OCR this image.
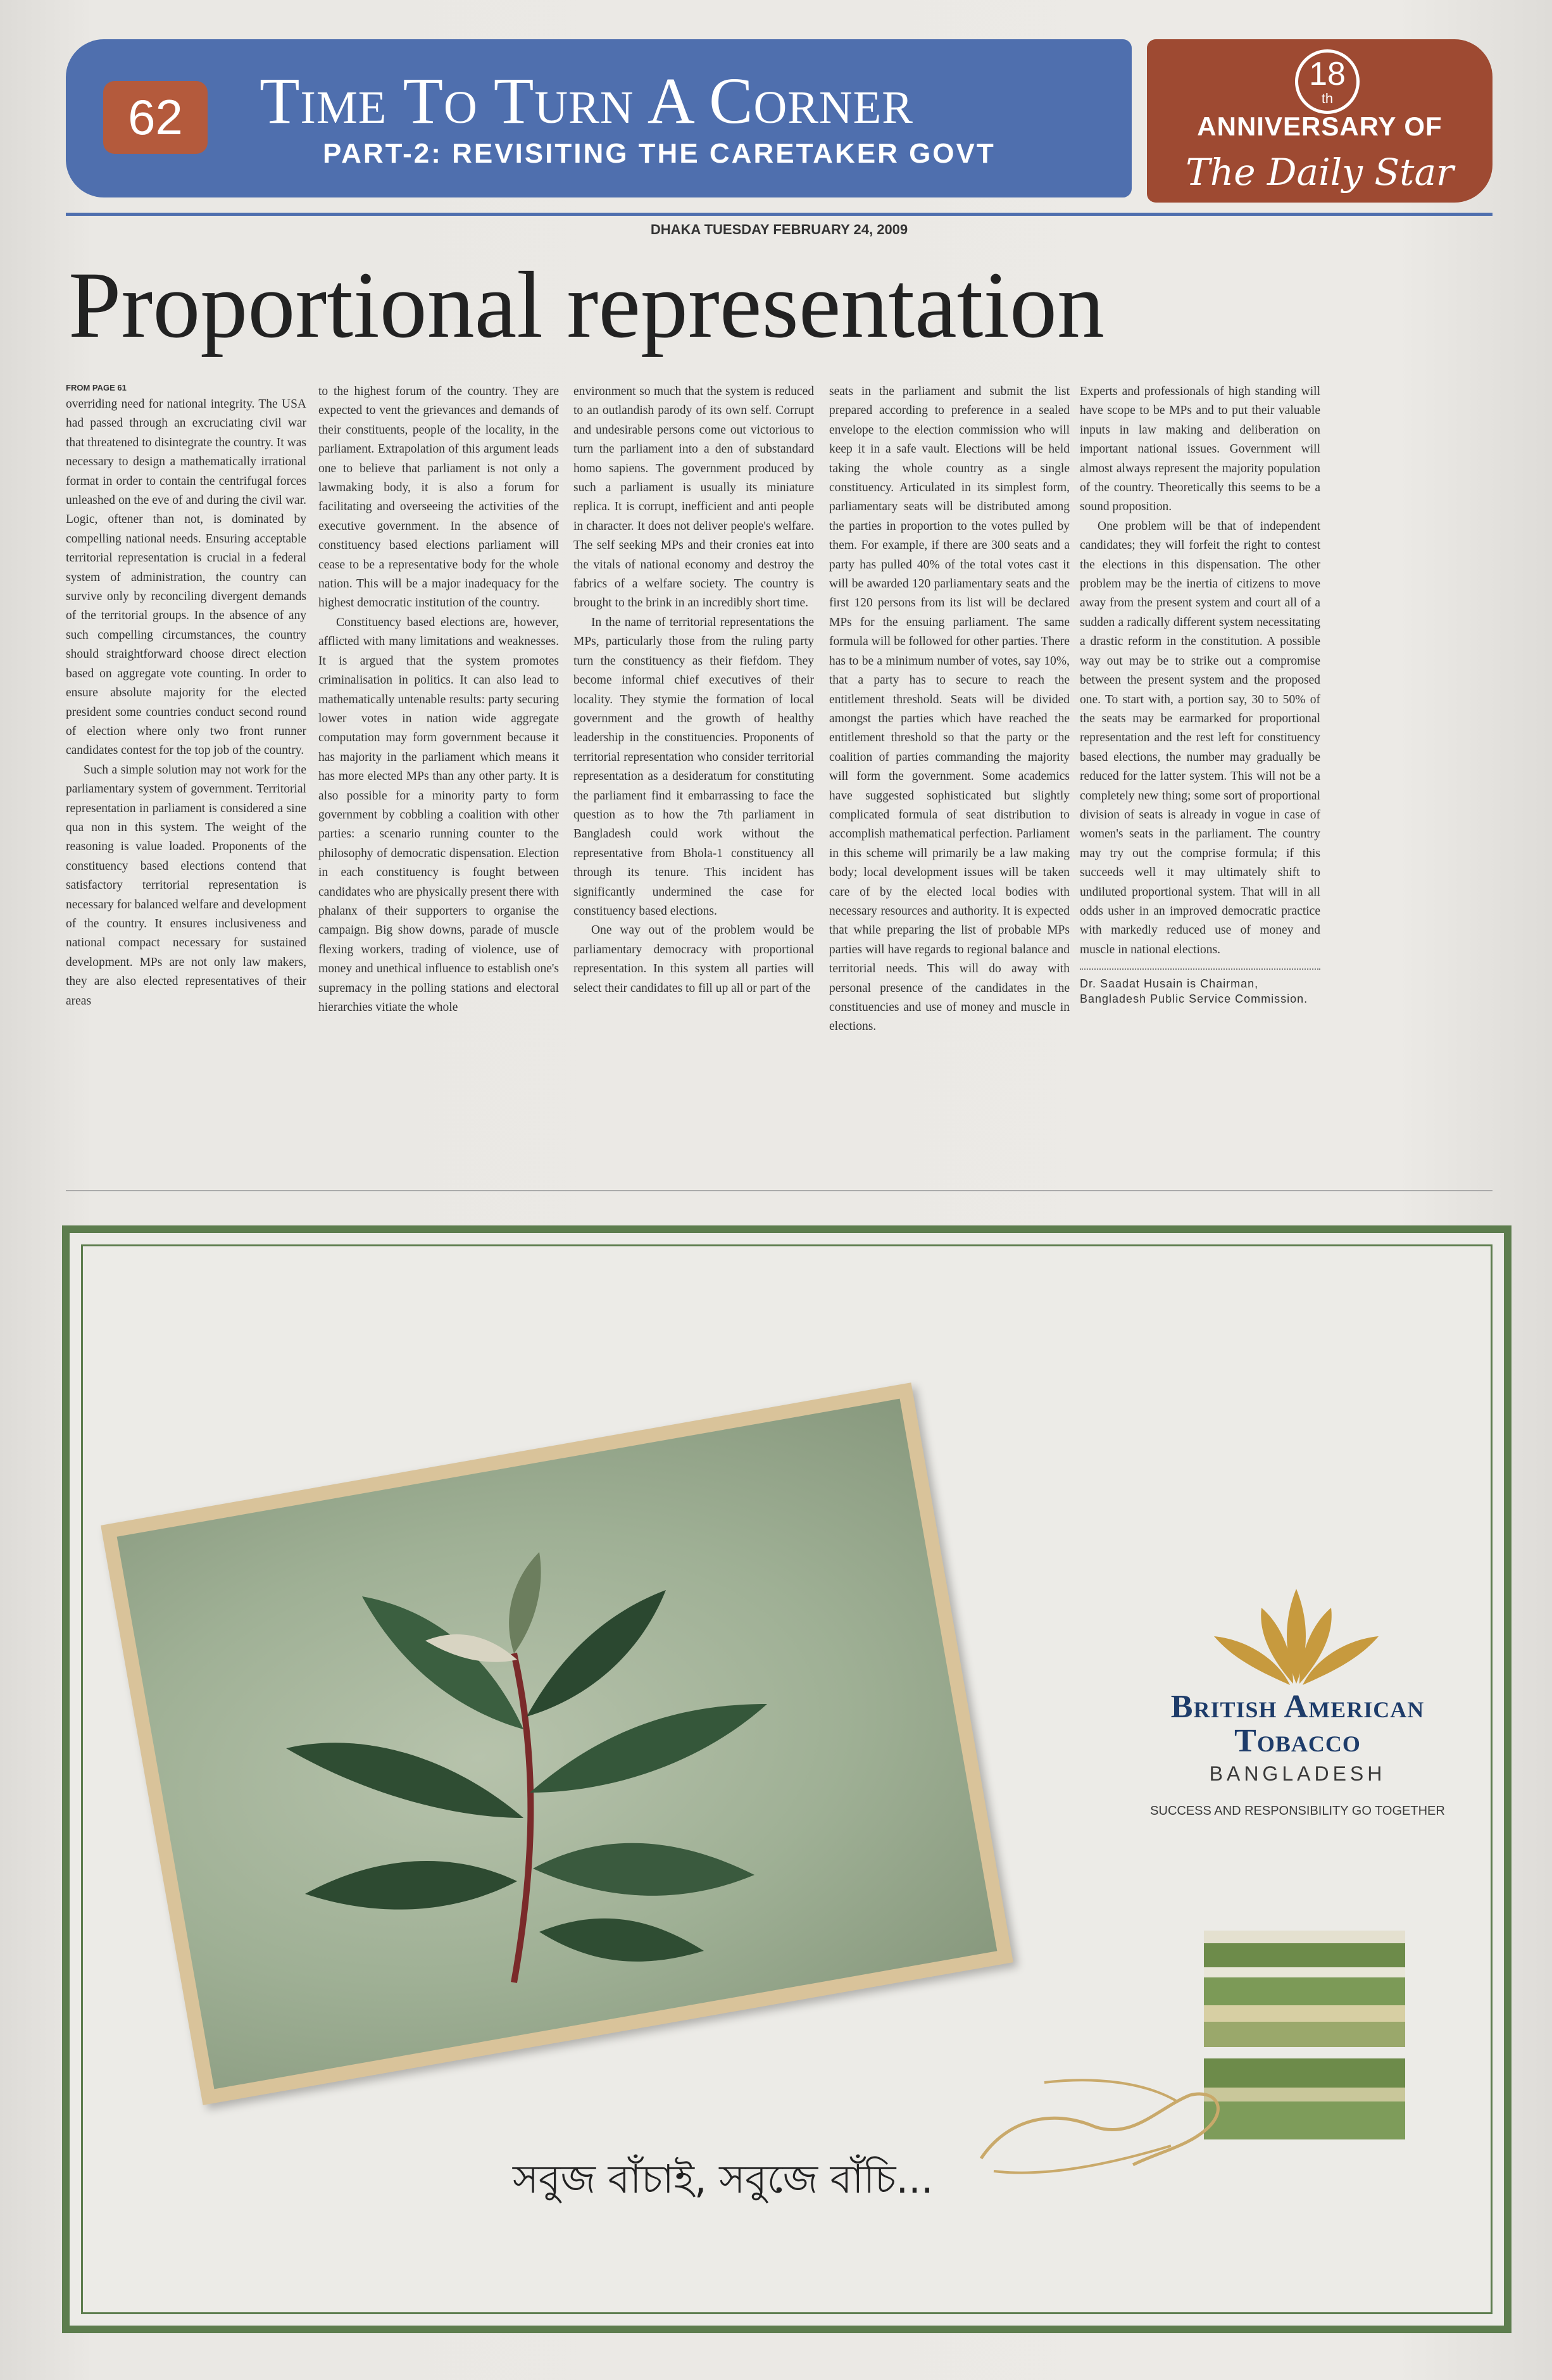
62	Time To Turn A Corner
PART-2: REVISITING THE CARETAKER GOVT
18
th
ANNIVERSARY OF
The Daily Star
DHAKA TUESDAY FEBRUARY 24, 2009
Proportional representation
FROM PAGE 61

overriding need for national integrity. The USA had passed through an excruciating civil war that threatened to disintegrate the country. It was necessary to design a mathematically irrational format in order to contain the centrifugal forces unleashed on the eve of and during the civil war. Logic, oftener than not, is dominated by compelling national needs. Ensuring acceptable territorial representation is crucial in a federal system of administration, the country can survive only by reconciling divergent demands of the territorial groups. In the absence of any such compelling circumstances, the country should straightforward choose direct election based on aggregate vote counting. In order to ensure absolute majority for the elected president some countries conduct second round of election where only two front runner candidates contest for the top job of the country.

Such a simple solution may not work for the parliamentary system of government. Territorial representation in parliament is considered a sine qua non in this system. The weight of the reasoning is value loaded. Proponents of the constituency based elections contend that satisfactory territorial representation is necessary for balanced welfare and development of the country. It ensures inclusiveness and national compact necessary for sustained development. MPs are not only law makers, they are also elected representatives of their areas

to the highest forum of the country. They are expected to vent the grievances and demands of their constituents, people of the locality, in the parliament. Extrapolation of this argument leads one to believe that parliament is not only a lawmaking body, it is also a forum for facilitating and overseeing the activities of the executive government. In the absence of constituency based elections parliament will cease to be a representative body for the whole nation. This will be a major inadequacy for the highest democratic institution of the country.

Constituency based elections are, however, afflicted with many limitations and weaknesses. It is argued that the system promotes criminalisation in politics. It can also lead to mathematically untenable results: party securing lower votes in nation wide aggregate computation may form government because it has majority in the parliament which means it has more elected MPs than any other party. It is also possible for a minority party to form government by cobbling a coalition with other parties: a scenario running counter to the philosophy of democratic dispensation. Election in each constituency is fought between candidates who are physically present there with phalanx of their supporters to organise the campaign. Big show downs, parade of muscle flexing workers, trading of violence, use of money and unethical influence to establish one's supremacy in the polling stations and electoral hierarchies vitiate the whole

environment so much that the system is reduced to an outlandish parody of its own self. Corrupt and undesirable persons come out victorious to turn the parliament into a den of substandard homo sapiens. The government produced by such a parliament is usually its miniature replica. It is corrupt, inefficient and anti people in character. It does not deliver people's welfare. The self seeking MPs and their cronies eat into the vitals of national economy and destroy the fabrics of a welfare society. The country is brought to the brink in an incredibly short time.

In the name of territorial representations the MPs, particularly those from the ruling party turn the constituency as their fiefdom. They become informal chief executives of their locality. They stymie the formation of local government and the growth of healthy leadership in the constituencies. Proponents of territorial representation who consider territorial representation as a desideratum for constituting the parliament find it embarrassing to face the question as to how the 7th parliament in Bangladesh could work without the representative from Bhola-1 constituency all through its tenure. This incident has significantly undermined the case for constituency based elections.

One way out of the problem would be parliamentary democracy with proportional representation. In this system all parties will select their candidates to fill up all or part of the

seats in the parliament and submit the list prepared according to preference in a sealed envelope to the election commission who will keep it in a safe vault. Elections will be held taking the whole country as a single constituency. Articulated in its simplest form, parliamentary seats will be distributed among the parties in proportion to the votes pulled by them. For example, if there are 300 seats and a party has pulled 40% of the total votes cast it will be awarded 120 parliamentary seats and the first 120 persons from its list will be declared MPs for the ensuing parliament. The same formula will be followed for other parties. There has to be a minimum number of votes, say 10%, that a party has to secure to reach the entitlement threshold. Seats will be divided amongst the parties which have reached the entitlement threshold so that the party or the coalition of parties commanding the majority will form the government. Some academics have suggested sophisticated but slightly complicated formula of seat distribution to accomplish mathematical perfection. Parliament in this scheme will primarily be a law making body; local development issues will be taken care of by the elected local bodies with necessary resources and authority. It is expected that while preparing the list of probable MPs parties will have regards to regional balance and territorial needs. This will do away with personal presence of the candidates in the constituencies and use of money and muscle in elections.

Experts and professionals of high standing will have scope to be MPs and to put their valuable inputs in law making and deliberation on important national issues. Government will almost always represent the majority population of the country. Theoretically this seems to be a sound proposition.

One problem will be that of independent candidates; they will forfeit the right to contest the elections in this dispensation. The other problem may be the inertia of citizens to move away from the present system and court all of a sudden a radically different system necessitating a drastic reform in the constitution. A possible way out may be to strike out a compromise between the present system and the proposed one. To start with, a portion say, 30 to 50% of the seats may be earmarked for proportional representation and the rest left for constituency based elections, the number may gradually be reduced for the latter system. This will not be a completely new thing; some sort of proportional division of seats is already in vogue in case of women's seats in the parliament. The country may try out the comprise formula; if this succeeds well it may ultimately shift to undiluted proportional system. That will in all odds usher in an improved democratic practice with markedly reduced use of money and muscle in national elections.

Dr. Saadat Husain is Chairman, Bangladesh Public Service Commission.
British American
Tobacco
BANGLADESH
SUCCESS AND RESPONSIBILITY GO TOGETHER
সবুজ বাঁচাই, সবুজে বাঁচি...
